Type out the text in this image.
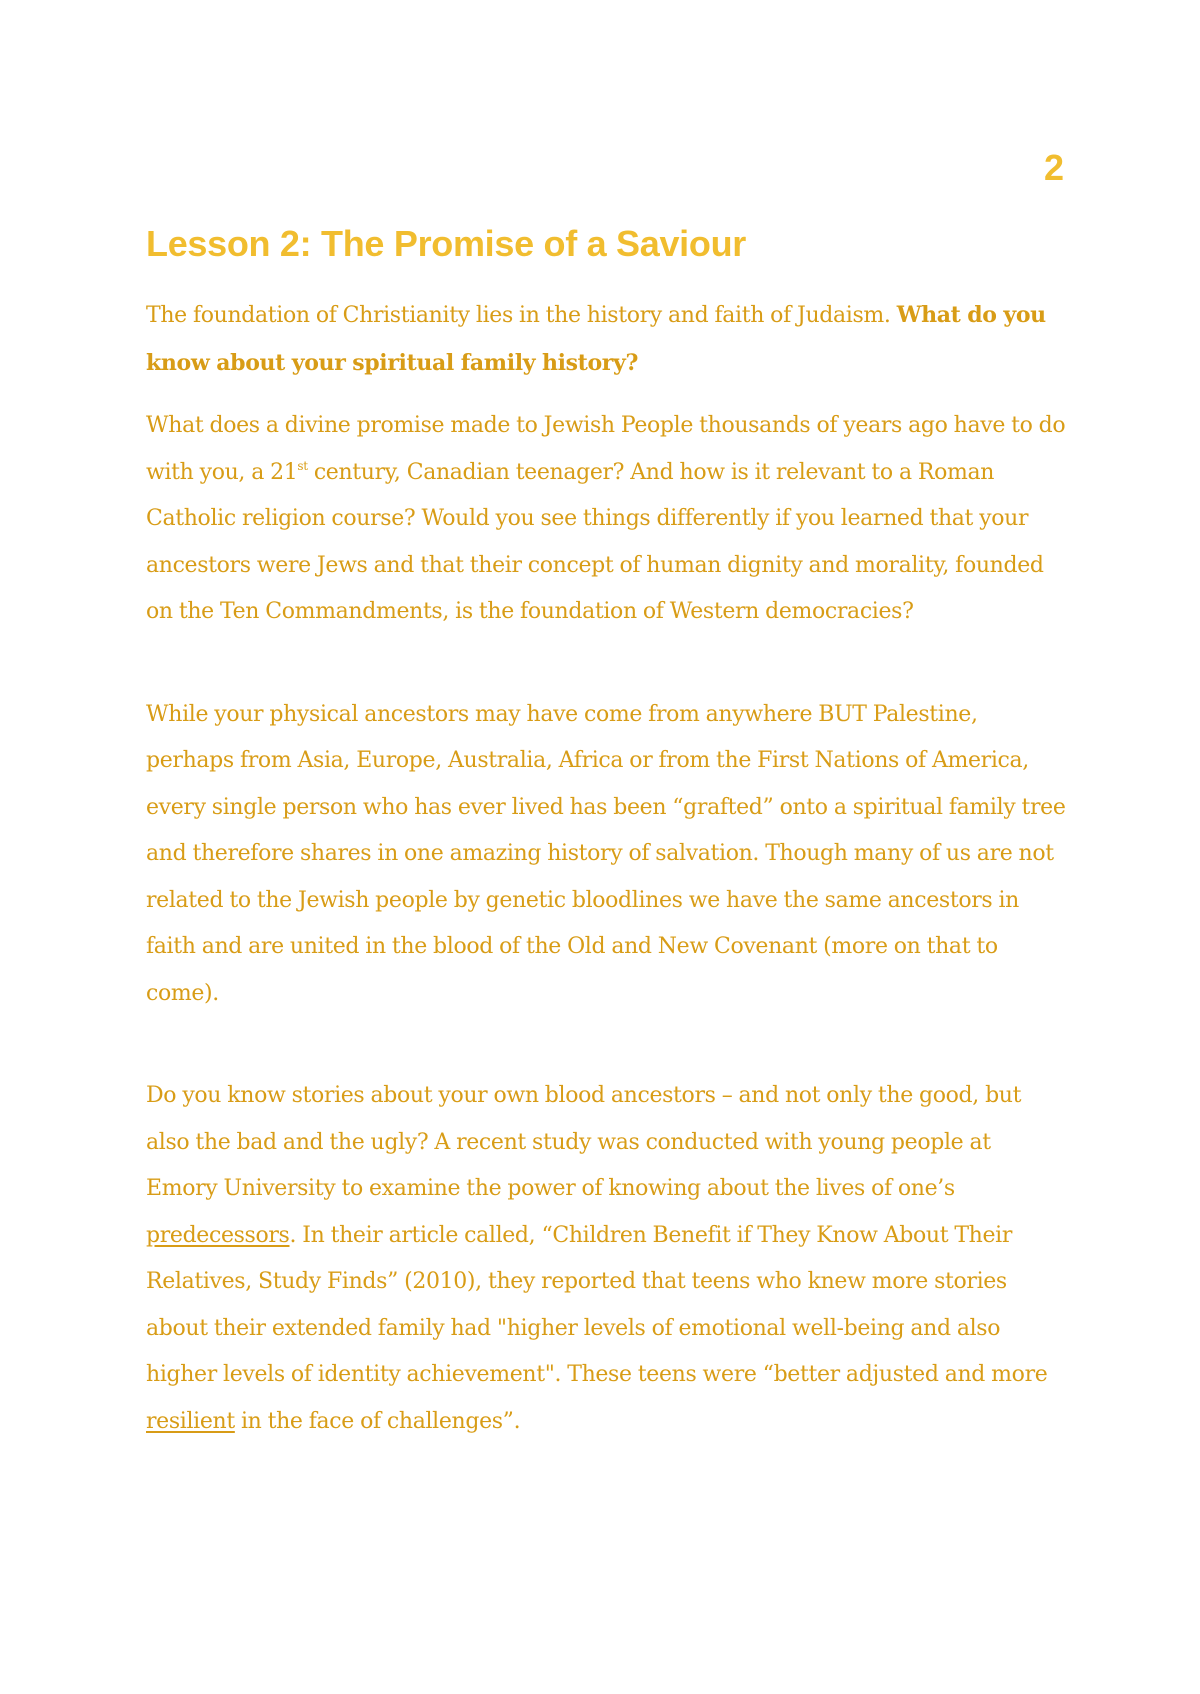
2
Lesson 2: The Promise of a Saviour

The foundation of Christianity lies in the history and faith of Judaism. What do you know about your spiritual family history?

What does a divine promise made to Jewish People thousands of years ago have to do with you, a 21st century, Canadian teenager? And how is it relevant to a Roman Catholic religion course? Would you see things differently if you learned that your ancestors were Jews and that their concept of human dignity and morality, founded on the Ten Commandments, is the foundation of Western democracies?

While your physical ancestors may have come from anywhere BUT Palestine, perhaps from Asia, Europe, Australia, Africa or from the First Nations of America, every single person who has ever lived has been “grafted” onto a spiritual family tree and therefore shares in one amazing history of salvation. Though many of us are not related to the Jewish people by genetic bloodlines we have the same ancestors in faith and are united in the blood of the Old and New Covenant (more on that to come).

Do you know stories about your own blood ancestors – and not only the good, but also the bad and the ugly? A recent study was conducted with young people at Emory University to examine the power of knowing about the lives of one’s predecessors. In their article called, “Children Benefit if They Know About Their Relatives, Study Finds” (2010), they reported that teens who knew more stories about their extended family had "higher levels of emotional well-being and also higher levels of identity achievement". These teens were “better adjusted and more resilient in the face of challenges”.
